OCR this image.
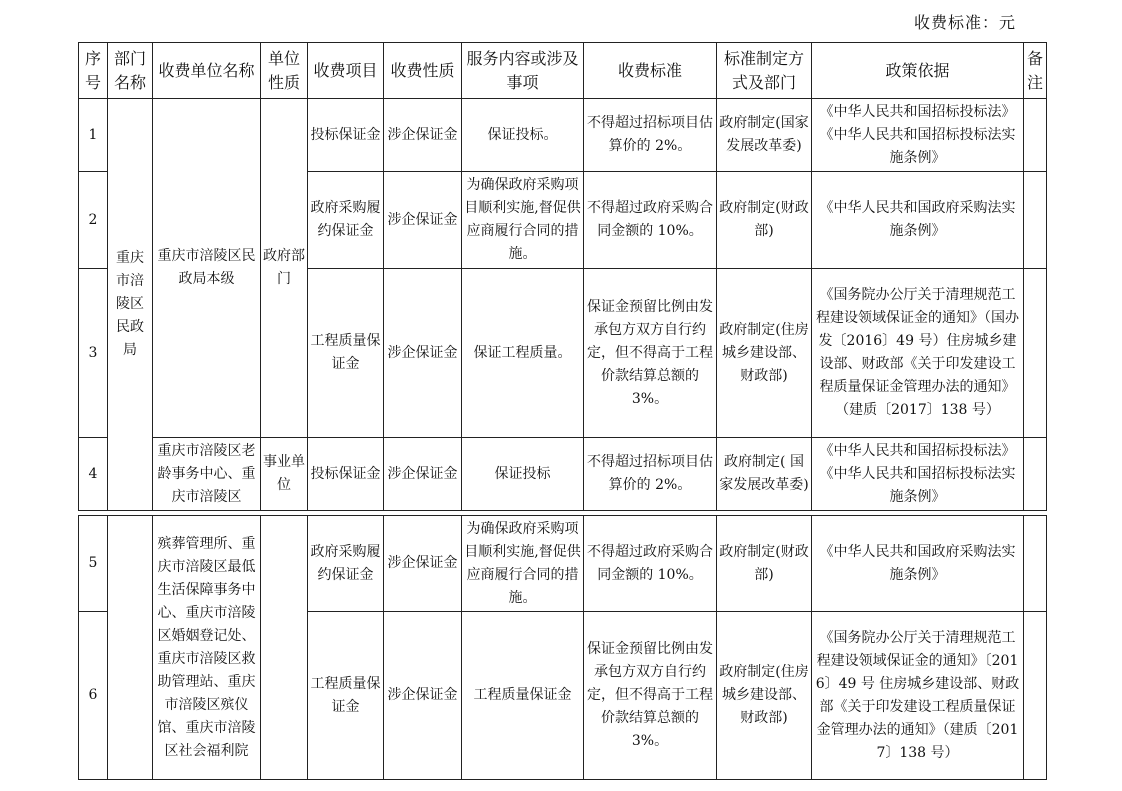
收费标准：元
序号	部门名称	收费单位名称	单位性质	收费项目	收费性质	服务内容或涉及事项	收费标准	标准制定方式及部门	政策依据	备注
1	重庆市涪陵区民政局	重庆市涪陵区民政局本级	政府部门	投标保证金	涉企保证金	保证投标。	不得超过招标项目估算价的 2%。	政府制定(国家发展改革委)	《中华人民共和国招标投标法》《中华人民共和国招标投标法实施条例》	
2				政府采购履约保证金	涉企保证金	为确保政府采购项目顺利实施,督促供应商履行合同的措施。	不得超过政府采购合同金额的 10%。	政府制定(财政部)	《中华人民共和国政府采购法实施条例》	
3				工程质量保证金	涉企保证金	保证工程质量。	保证金预留比例由发承包方双方自行约定，但不得高于工程价款结算总额的 3%。	政府制定(住房城乡建设部、财政部)	《国务院办公厅关于清理规范工程建设领域保证金的通知》（国办发〔2016〕49 号）住房城乡建设部、财政部《关于印发建设工程质量保证金管理办法的通知》（建质〔2017〕138 号）	
4		重庆市涪陵区老龄事务中心、重庆市涪陵区	事业单位	投标保证金	涉企保证金	保证投标	不得超过招标项目估算价的 2%。	政府制定( 国家发展改革委)	《中华人民共和国招标投标法》《中华人民共和国招标投标法实施条例》	
5		殡葬管理所、重庆市涪陵区最低生活保障事务中心、重庆市涪陵区婚姻登记处、重庆市涪陵区救助管理站、重庆市涪陵区殡仪馆、重庆市涪陵区社会福利院		政府采购履约保证金	涉企保证金	为确保政府采购项目顺利实施,督促供应商履行合同的措施。	不得超过政府采购合同金额的 10%。	政府制定(财政部)	《中华人民共和国政府采购法实施条例》	
6				工程质量保证金	涉企保证金	工程质量保证金	保证金预留比例由发承包方双方自行约定，但不得高于工程价款结算总额的 3%。	政府制定(住房城乡建设部、财政部)	《国务院办公厅关于清理规范工程建设领域保证金的通知》〔2016〕49 号 住房城乡建设部、财政部《关于印发建设工程质量保证金管理办法的通知》（建质〔2017〕138 号）	
